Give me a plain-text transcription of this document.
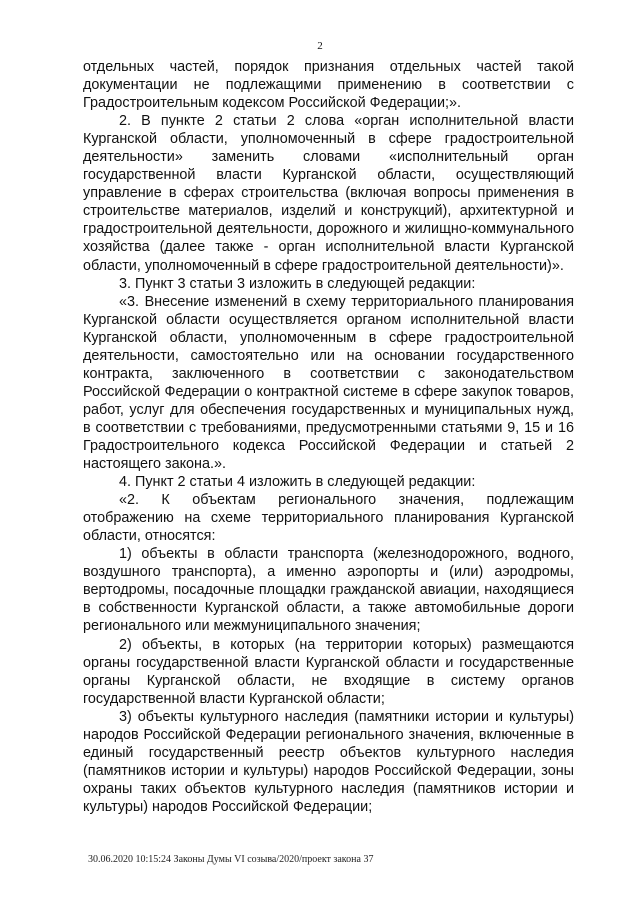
2

отдельных частей, порядок признания отдельных частей такой документации не подлежащими применению в соответствии с Градостроительным кодексом Российской Федерации;».

2. В пункте 2 статьи 2 слова «орган исполнительной власти Курганской области, уполномоченный в сфере градостроительной деятельности» заменить словами «исполнительный орган государственной власти Курганской области, осуществляющий управление в сферах строительства (включая вопросы применения в строительстве материалов, изделий и конструкций), архитектурной и градостроительной деятельности, дорожного и жилищно-коммунального хозяйства (далее также - орган исполнительной власти Курганской области, уполномоченный в сфере градостроительной деятельности)».

3. Пункт 3 статьи 3 изложить в следующей редакции:

«3. Внесение изменений в схему территориального планирования Курганской области осуществляется органом исполнительной власти Курганской области, уполномоченным в сфере градостроительной деятельности, самостоятельно или на основании государственного контракта, заключенного в соответствии с законодательством Российской Федерации о контрактной системе в сфере закупок товаров, работ, услуг для обеспечения государственных и муниципальных нужд, в соответствии с требованиями, предусмотренными статьями 9, 15 и 16 Градостроительного кодекса Российской Федерации и статьей 2 настоящего закона.».

4. Пункт 2 статьи 4 изложить в следующей редакции:

«2. К объектам регионального значения, подлежащим отображению на схеме территориального планирования Курганской области, относятся:

1) объекты в области транспорта (железнодорожного, водного, воздушного транспорта), а именно аэропорты и (или) аэродромы, вертодромы, посадочные площадки гражданской авиации, находящиеся в собственности Курганской области, а также автомобильные дороги регионального или межмуниципального значения;

2) объекты, в которых (на территории которых) размещаются органы государственной власти Курганской области и государственные органы Курганской области, не входящие в систему органов государственной власти Курганской области;

3) объекты культурного наследия (памятники истории и культуры) народов Российской Федерации регионального значения, включенные в единый государственный реестр объектов культурного наследия (памятников истории и культуры) народов Российской Федерации, зоны охраны таких объектов культурного наследия (памятников истории и культуры) народов Российской Федерации;

30.06.2020 10:15:24 Законы Думы VI созыва/2020/проект закона 37
